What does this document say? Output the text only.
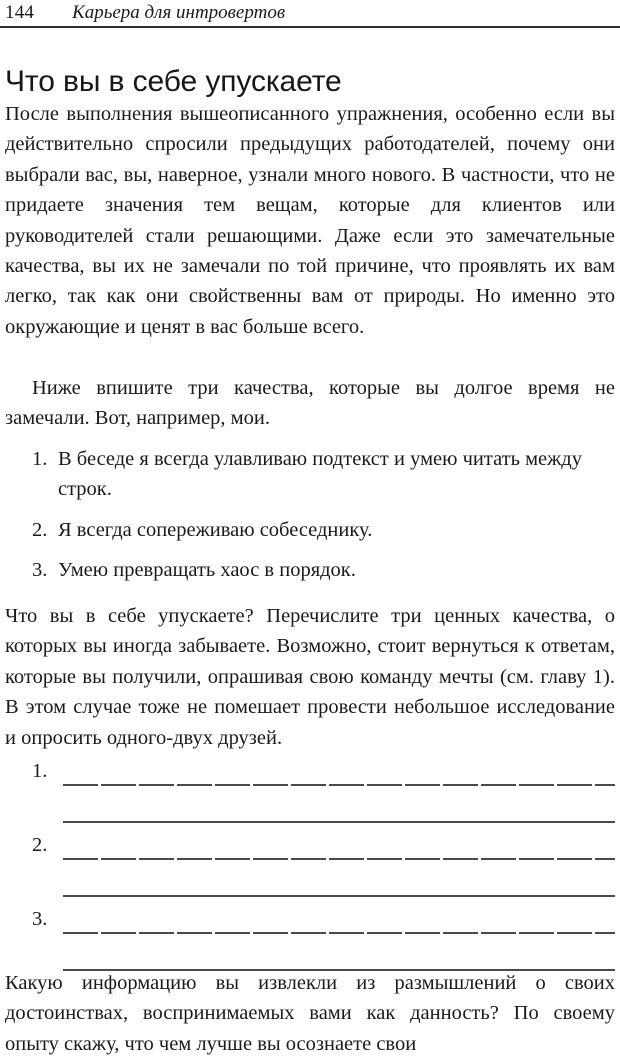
144 Карьера для интровертов
Что вы в себе упускаете

После выполнения вышеописанного упражнения, особенно если вы действительно спросили предыдущих работодателей, почему они выбрали вас, вы, наверное, узнали много нового. В частности, что не придаете значения тем вещам, которые для клиентов или руководителей стали решающими. Даже если это замечательные качества, вы их не замечали по той причине, что проявлять их вам легко, так как они свойственны вам от природы. Но именно это окружающие и ценят в вас больше всего.

Ниже впишите три качества, которые вы долгое время не замечали. Вот, например, мои.

1. В беседе я всегда улавливаю подтекст и умею читать между строк.
2. Я всегда сопереживаю собеседнику.
3. Умею превращать хаос в порядок.

Что вы в себе упускаете? Перечислите три ценных качества, о которых вы иногда забываете. Возможно, стоит вернуться к ответам, которые вы получили, опрашивая свою команду мечты (см. главу 1). В этом случае тоже не помешает провести небольшое исследование и опросить одного-двух друзей.

1.
2.
3.

Какую информацию вы извлекли из размышлений о своих достоинствах, воспринимаемых вами как данность? По своему опыту скажу, что чем лучше вы осознаете свои
